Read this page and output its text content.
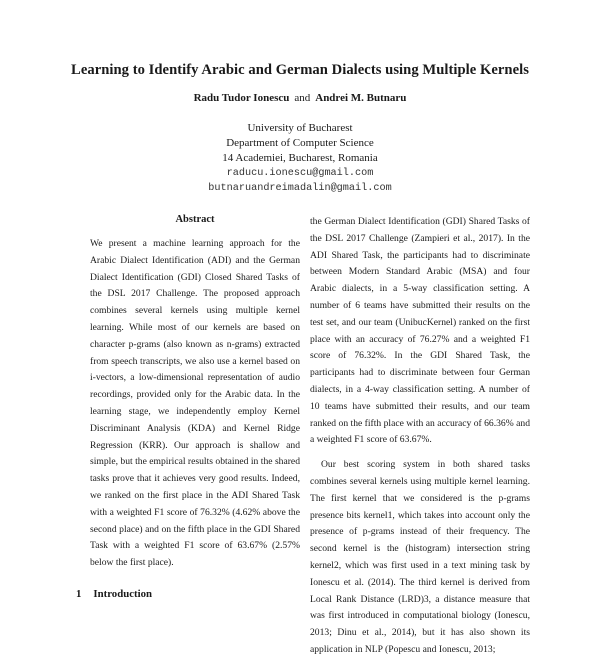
Learning to Identify Arabic and German Dialects using Multiple Kernels
Radu Tudor Ionescu and Andrei M. Butnaru
University of Bucharest
Department of Computer Science
14 Academiei, Bucharest, Romania
raducu.ionescu@gmail.com
butnaruandreimadalin@gmail.com
Abstract

We present a machine learning approach for the Arabic Dialect Identification (ADI) and the German Dialect Identification (GDI) Closed Shared Tasks of the DSL 2017 Challenge. The proposed approach combines several kernels using multiple kernel learning. While most of our kernels are based on character p-grams (also known as n-grams) extracted from speech transcripts, we also use a kernel based on i-vectors, a low-dimensional representation of audio recordings, provided only for the Arabic data. In the learning stage, we independently employ Kernel Discriminant Analysis (KDA) and Kernel Ridge Regression (KRR). Our approach is shallow and simple, but the empirical results obtained in the shared tasks prove that it achieves very good results. Indeed, we ranked on the first place in the ADI Shared Task with a weighted F1 score of 76.32% (4.62% above the second place) and on the fifth place in the GDI Shared Task with a weighted F1 score of 63.67% (2.57% below the first place).

the German Dialect Identification (GDI) Shared Tasks of the DSL 2017 Challenge (Zampieri et al., 2017). In the ADI Shared Task, the participants had to discriminate between Modern Standard Arabic (MSA) and four Arabic dialects, in a 5-way classification setting. A number of 6 teams have submitted their results on the test set, and our team (UnibucKernel) ranked on the first place with an accuracy of 76.27% and a weighted F1 score of 76.32%. In the GDI Shared Task, the participants had to discriminate between four German dialects, in a 4-way classification setting. A number of 10 teams have submitted their results, and our team ranked on the fifth place with an accuracy of 66.36% and a weighted F1 score of 63.67%.

Our best scoring system in both shared tasks combines several kernels using multiple kernel learning. The first kernel that we considered is the p-grams presence bits kernel1, which takes into account only the presence of p-grams instead of their frequency. The second kernel is the (histogram) intersection string kernel2, which was first used in a text mining task by Ionescu et al. (2014). The third kernel is derived from Local Rank Distance (LRD)3, a distance measure that was first introduced in computational biology (Ionescu, 2013; Dinu et al., 2014), but it has also shown its application in NLP (Popescu and Ionescu, 2013;

1 Introduction
